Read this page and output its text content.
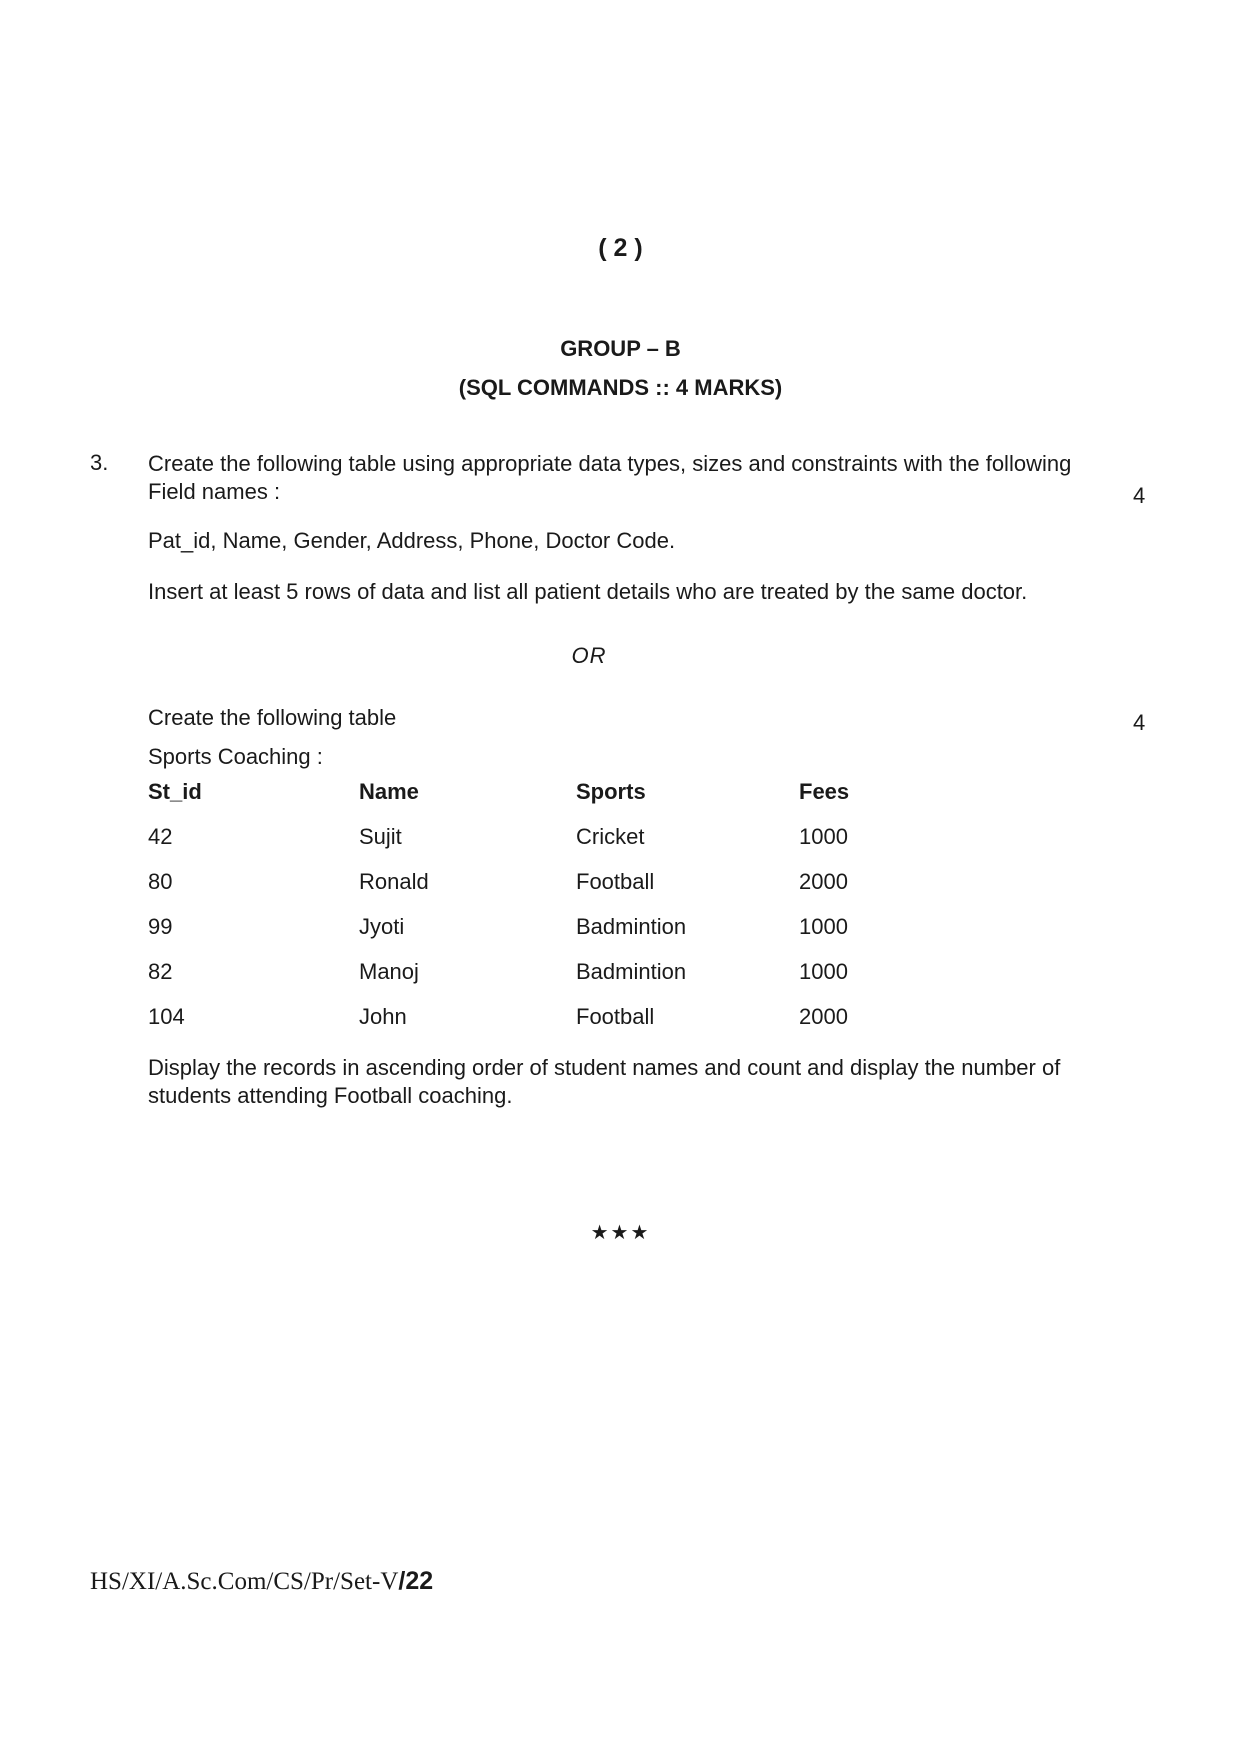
( 2 )
GROUP – B
(SQL COMMANDS :: 4 MARKS)
3. Create the following table using appropriate data types, sizes and constraints with the following
Field names :	4
Pat_id, Name, Gender, Address, Phone, Doctor Code.
Insert at least 5 rows of data and list all patient details who are treated by the same doctor.
OR
Create the following table	4
Sports Coaching :
St_id	Name	Sports	Fees
42	Sujit	Cricket	1000
80	Ronald	Football	2000
99	Jyoti	Badmintion	1000
82	Manoj	Badmintion	1000
104	John	Football	2000
Display the records in ascending order of student names and count and display the number of
students attending Football coaching.
★★★
HS/XI/A.Sc.Com/CS/Pr/Set-V/22
